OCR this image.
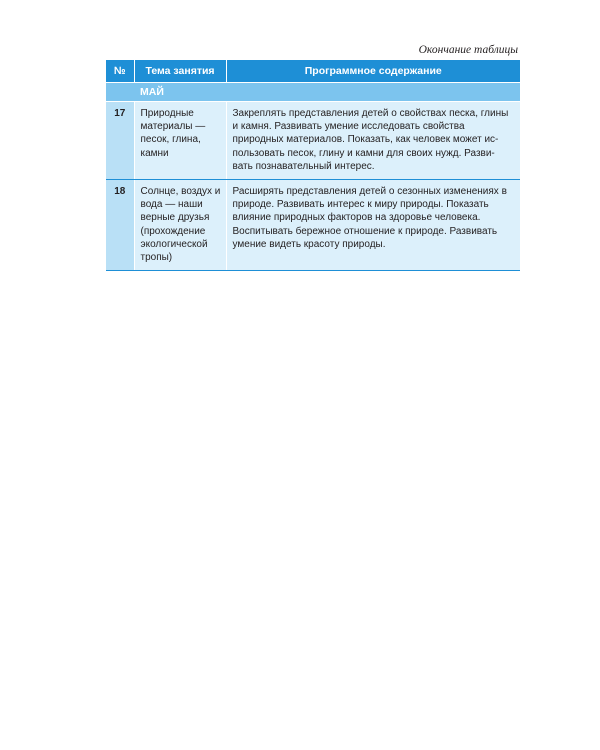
Окончание таблицы
№	Тема занятия	Программное содержание
	МАЙ	
17	Природные материалы — песок, глина, камни	Закреплять представления детей о свойствах песка, глины и камня. Развивать умение исследовать свойства природных материалов. Показать, как человек может ис-пользовать песок, глину и камни для своих нужд. Разви-вать познавательный интерес.
18	Солнце, воздух и вода — наши верные друзья (прохождение экологической тропы)	Расширять представления детей о сезонных изменениях в природе. Развивать интерес к миру природы. Показать влияние природных факторов на здоровье человека. Воспитывать бережное отношение к природе. Развивать умение видеть красоту природы.
